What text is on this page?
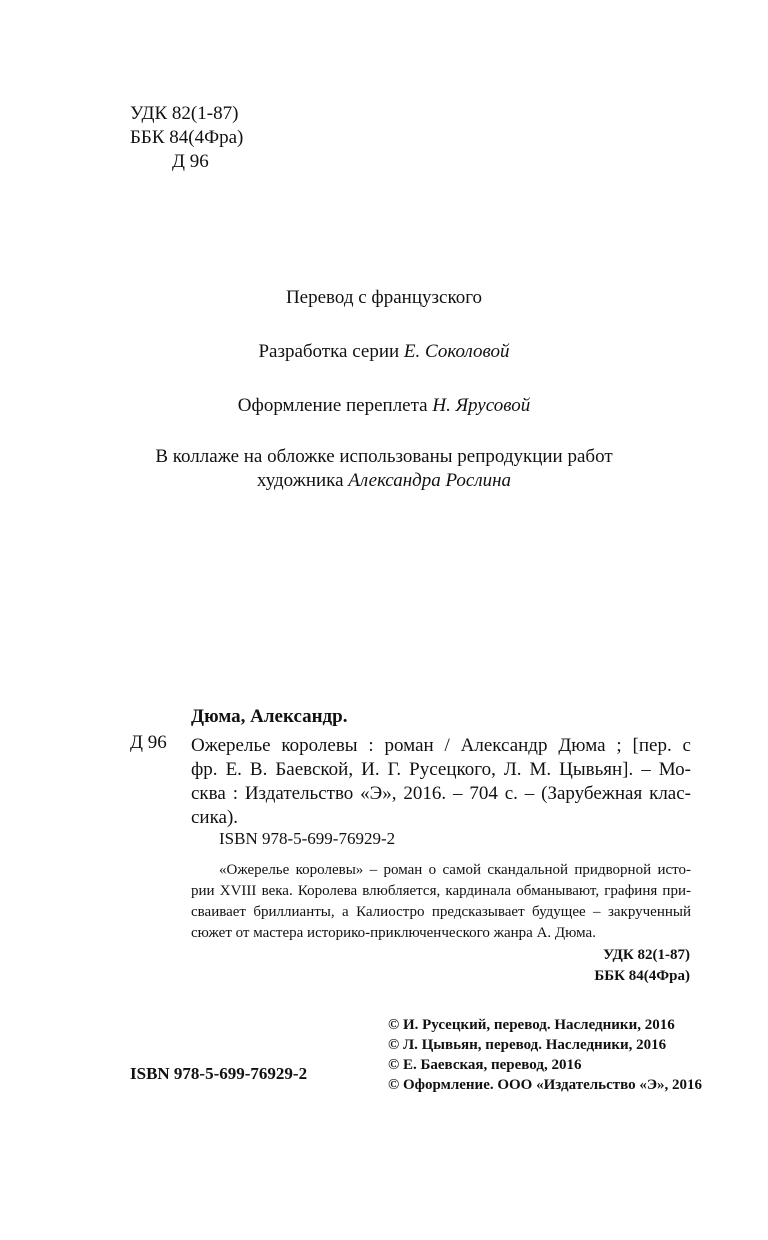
УДК 82(1-87)
ББК 84(4Фра)
Д 96

Перевод с французского

Разработка серии Е. Соколовой

Оформление переплета Н. Ярусовой

В коллаже на обложке использованы репродукции работ

художника Александра Рослина

Дюма, Александр.
Д 96 Ожерелье королевы : роман / Александр Дюма ; [пер. с
фр. Е. В. Баевской, И. Г. Русецкого, Л. М. Цывьян]. – Мо-
сква : Издательство «Э», 2016. – 704 с. – (Зарубежная клас-
сика).
ISBN 978-5-699-76929-2
«Ожерелье королевы» – роман о самой скандальной придворной исто-
рии XVIII века. Королева влюбляется, кардинала обманывают, графиня при-
сваивает бриллианты, а Калиостро предсказывает будущее – закрученный
сюжет от мастера историко-приключенческого жанра А. Дюма.
УДК 82(1-87)
ББК 84(4Фра)
© И. Русецкий, перевод. Наследники, 2016
© Л. Цывьян, перевод. Наследники, 2016
© Е. Баевская, перевод, 2016
© Оформление. ООО «Издательство «Э», 2016
ISBN 978-5-699-76929-2
